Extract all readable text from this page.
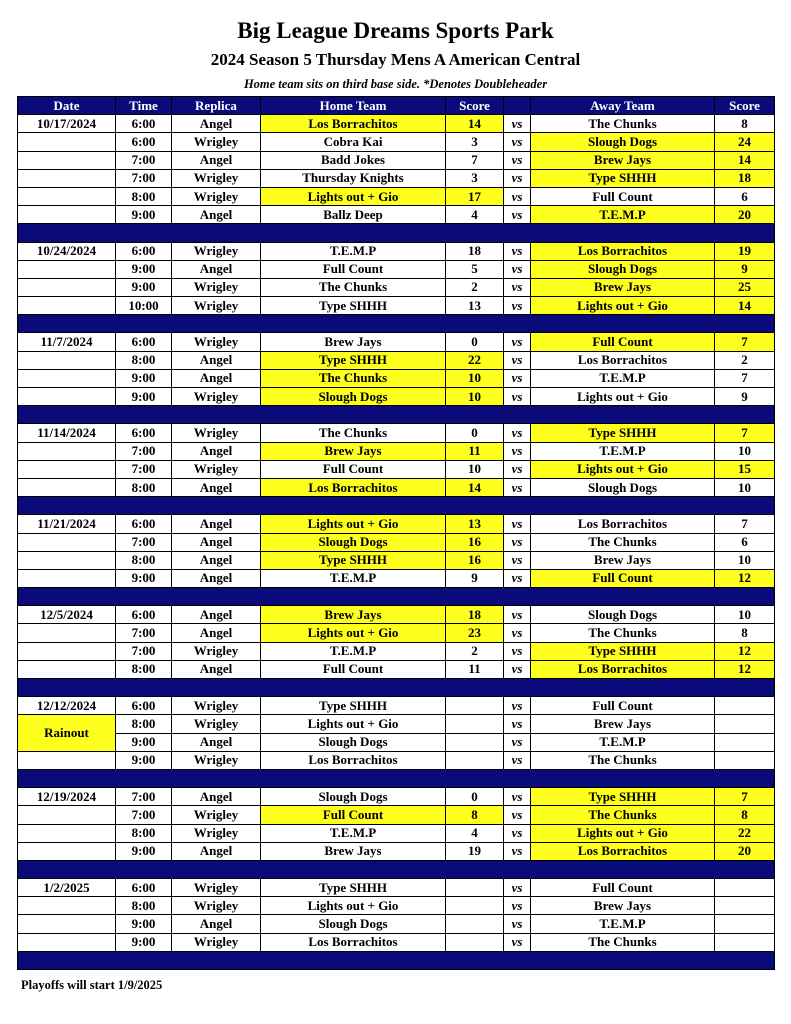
Big League Dreams Sports Park
2024 Season 5 Thursday Mens A American Central
Home team sits on third base side. *Denotes Doubleheader
Date	Time	Replica	Home Team	Score		Away Team	Score
10/17/2024	6:00	Angel	Los Borrachitos	14	vs	The Chunks	8
	6:00	Wrigley	Cobra Kai	3	vs	Slough Dogs	24
	7:00	Angel	Badd Jokes	7	vs	Brew Jays	14
	7:00	Wrigley	Thursday Knights	3	vs	Type SHHH	18
	8:00	Wrigley	Lights out + Gio	17	vs	Full Count	6
	9:00	Angel	Ballz Deep	4	vs	T.E.M.P	20

10/24/2024	6:00	Wrigley	T.E.M.P	18	vs	Los Borrachitos	19
	9:00	Angel	Full Count	5	vs	Slough Dogs	9
	9:00	Wrigley	The Chunks	2	vs	Brew Jays	25
	10:00	Wrigley	Type SHHH	13	vs	Lights out + Gio	14

11/7/2024	6:00	Wrigley	Brew Jays	0	vs	Full Count	7
	8:00	Angel	Type SHHH	22	vs	Los Borrachitos	2
	9:00	Angel	The Chunks	10	vs	T.E.M.P	7
	9:00	Wrigley	Slough Dogs	10	vs	Lights out + Gio	9

11/14/2024	6:00	Wrigley	The Chunks	0	vs	Type SHHH	7
	7:00	Angel	Brew Jays	11	vs	T.E.M.P	10
	7:00	Wrigley	Full Count	10	vs	Lights out + Gio	15
	8:00	Angel	Los Borrachitos	14	vs	Slough Dogs	10

11/21/2024	6:00	Angel	Lights out + Gio	13	vs	Los Borrachitos	7
	7:00	Angel	Slough Dogs	16	vs	The Chunks	6
	8:00	Angel	Type SHHH	16	vs	Brew Jays	10
	9:00	Angel	T.E.M.P	9	vs	Full Count	12

12/5/2024	6:00	Angel	Brew Jays	18	vs	Slough Dogs	10
	7:00	Angel	Lights out + Gio	23	vs	The Chunks	8
	7:00	Wrigley	T.E.M.P	2	vs	Type SHHH	12
	8:00	Angel	Full Count	11	vs	Los Borrachitos	12

12/12/2024	6:00	Wrigley	Type SHHH		vs	Full Count	
Rainout	8:00	Wrigley	Lights out + Gio		vs	Brew Jays	
	9:00	Angel	Slough Dogs		vs	T.E.M.P	
	9:00	Wrigley	Los Borrachitos		vs	The Chunks	

12/19/2024	7:00	Angel	Slough Dogs	0	vs	Type SHHH	7
	7:00	Wrigley	Full Count	8	vs	The Chunks	8
	8:00	Wrigley	T.E.M.P	4	vs	Lights out + Gio	22
	9:00	Angel	Brew Jays	19	vs	Los Borrachitos	20

1/2/2025	6:00	Wrigley	Type SHHH		vs	Full Count	
	8:00	Wrigley	Lights out + Gio		vs	Brew Jays	
	9:00	Angel	Slough Dogs		vs	T.E.M.P	
	9:00	Wrigley	Los Borrachitos		vs	The Chunks	

Playoffs will start 1/9/2025
